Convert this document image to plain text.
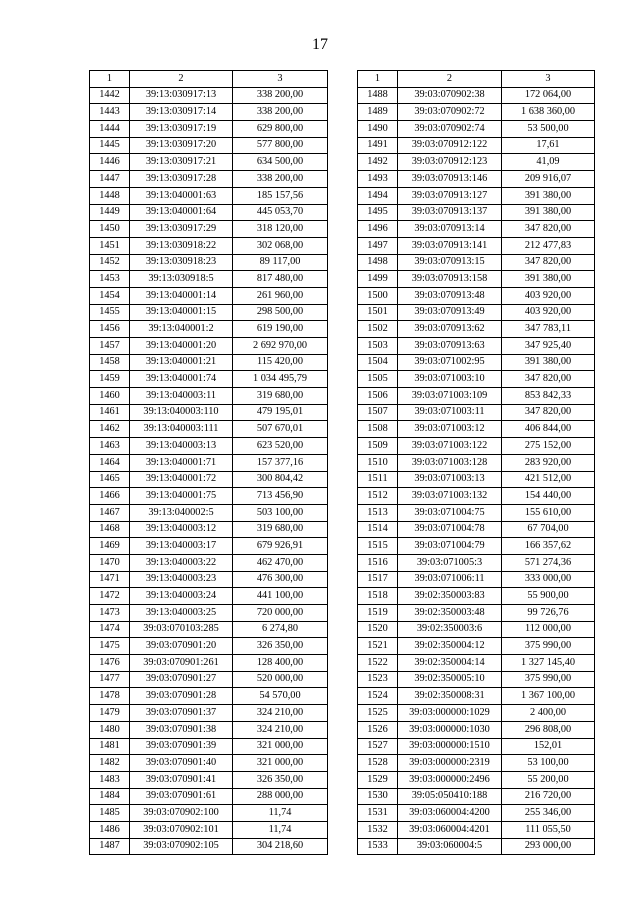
17
1	2	3
1442	39:13:030917:13	338 200,00
1443	39:13:030917:14	338 200,00
1444	39:13:030917:19	629 800,00
1445	39:13:030917:20	577 800,00
1446	39:13:030917:21	634 500,00
1447	39:13:030917:28	338 200,00
1448	39:13:040001:63	185 157,56
1449	39:13:040001:64	445 053,70
1450	39:13:030917:29	318 120,00
1451	39:13:030918:22	302 068,00
1452	39:13:030918:23	89 117,00
1453	39:13:030918:5	817 480,00
1454	39:13:040001:14	261 960,00
1455	39:13:040001:15	298 500,00
1456	39:13:040001:2	619 190,00
1457	39:13:040001:20	2 692 970,00
1458	39:13:040001:21	115 420,00
1459	39:13:040001:74	1 034 495,79
1460	39:13:040003:11	319 680,00
1461	39:13:040003:110	479 195,01
1462	39:13:040003:111	507 670,01
1463	39:13:040003:13	623 520,00
1464	39:13:040001:71	157 377,16
1465	39:13:040001:72	300 804,42
1466	39:13:040001:75	713 456,90
1467	39:13:040002:5	503 100,00
1468	39:13:040003:12	319 680,00
1469	39:13:040003:17	679 926,91
1470	39:13:040003:22	462 470,00
1471	39:13:040003:23	476 300,00
1472	39:13:040003:24	441 100,00
1473	39:13:040003:25	720 000,00
1474	39:03:070103:285	6 274,80
1475	39:03:070901:20	326 350,00
1476	39:03:070901:261	128 400,00
1477	39:03:070901:27	520 000,00
1478	39:03:070901:28	54 570,00
1479	39:03:070901:37	324 210,00
1480	39:03:070901:38	324 210,00
1481	39:03:070901:39	321 000,00
1482	39:03:070901:40	321 000,00
1483	39:03:070901:41	326 350,00
1484	39:03:070901:61	288 000,00
1485	39:03:070902:100	11,74
1486	39:03:070902:101	11,74
1487	39:03:070902:105	304 218,60
1	2	3
1488	39:03:070902:38	172 064,00
1489	39:03:070902:72	1 638 360,00
1490	39:03:070902:74	53 500,00
1491	39:03:070912:122	17,61
1492	39:03:070912:123	41,09
1493	39:03:070913:146	209 916,07
1494	39:03:070913:127	391 380,00
1495	39:03:070913:137	391 380,00
1496	39:03:070913:14	347 820,00
1497	39:03:070913:141	212 477,83
1498	39:03:070913:15	347 820,00
1499	39:03:070913:158	391 380,00
1500	39:03:070913:48	403 920,00
1501	39:03:070913:49	403 920,00
1502	39:03:070913:62	347 783,11
1503	39:03:070913:63	347 925,40
1504	39:03:071002:95	391 380,00
1505	39:03:071003:10	347 820,00
1506	39:03:071003:109	853 842,33
1507	39:03:071003:11	347 820,00
1508	39:03:071003:12	406 844,00
1509	39:03:071003:122	275 152,00
1510	39:03:071003:128	283 920,00
1511	39:03:071003:13	421 512,00
1512	39:03:071003:132	154 440,00
1513	39:03:071004:75	155 610,00
1514	39:03:071004:78	67 704,00
1515	39:03:071004:79	166 357,62
1516	39:03:071005:3	571 274,36
1517	39:03:071006:11	333 000,00
1518	39:02:350003:83	55 900,00
1519	39:02:350003:48	99 726,76
1520	39:02:350003:6	112 000,00
1521	39:02:350004:12	375 990,00
1522	39:02:350004:14	1 327 145,40
1523	39:02:350005:10	375 990,00
1524	39:02:350008:31	1 367 100,00
1525	39:03:000000:1029	2 400,00
1526	39:03:000000:1030	296 808,00
1527	39:03:000000:1510	152,01
1528	39:03:000000:2319	53 100,00
1529	39:03:000000:2496	55 200,00
1530	39:05:050410:188	216 720,00
1531	39:03:060004:4200	255 346,00
1532	39:03:060004:4201	111 055,50
1533	39:03:060004:5	293 000,00
